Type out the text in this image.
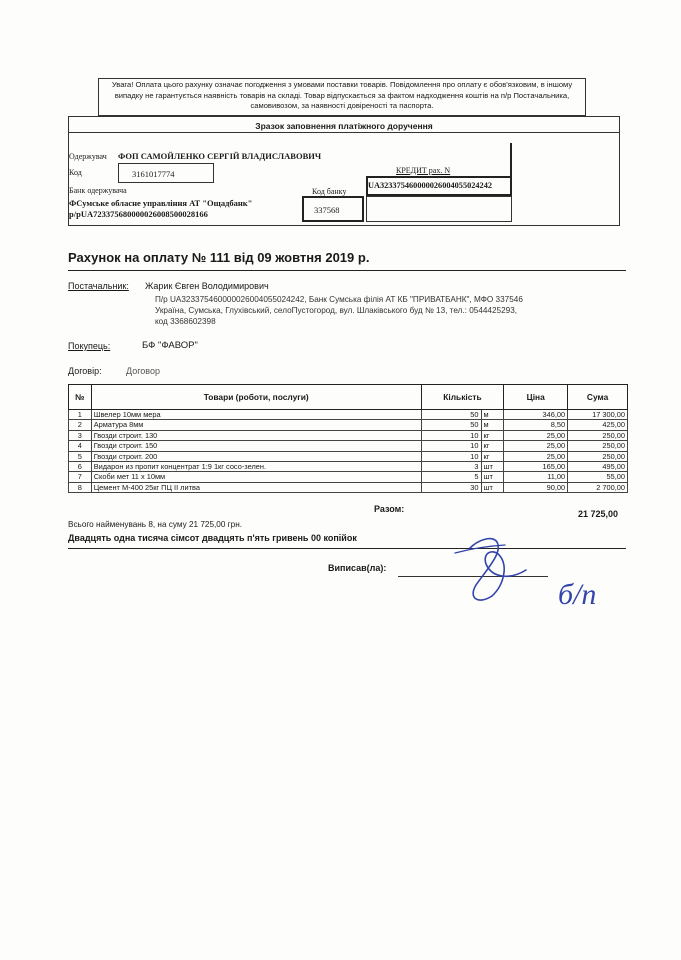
Увага! Оплата цього рахунку означає погодження з умовами поставки товарів. Повідомлення про оплату є обов'язковим, в іншому випадку не гарантується наявність товарів на складі. Товар відпускається за фактом надходження коштів на п/р Постачальника, самовивозом, за наявності довіреності та паспорта.
Зразок заповнення платіжного доручення
Одержувач ФОП САМОЙЛЕНКО СЕРГІЙ ВЛАДИСЛАВОВИЧ
Код	3161017774	КРЕДИТ рах. N
UA323375460000026004055024242
Банк одержувача	Код банку
ФСумське обласне управління АТ "Ощадбанк"
р/рUA723375680000026008500028166	337568
Рахунок на оплату № 111 від 09 жовтня 2019 р.
Постачальник: Жарик Євген Володимирович
П/р UA323375460000026004055024242, Банк Сумська філія АТ КБ "ПРИВАТБАНК", МФО 337546
Україна, Сумська, Глухівський, селоПустогород, вул. Шлаківського буд № 13, тел.: 0544425293,
код 3368602398
Покупець:	БФ "ФАВОР"
Договір:	Договор
№	Товари (роботи, послуги)	Кількість		Ціна	Сума
1	Швелер 10мм мера	50	м	346,00	17 300,00
2	Арматура 8мм	50	м	8,50	425,00
3	Гвозди строит. 130	10	кг	25,00	250,00
4	Гвозди строит. 150	10	кг	25,00	250,00
5	Гвозди строит. 200	10	кг	25,00	250,00
6	Видарон из пропит концентрат 1:9 1кг сосо-зелен.	3	шт	165,00	495,00
7	Скоби мет 11 х 10мм	5	шт	11,00	55,00
8	Цемент М-400 25кг ПЦ II литва	30	шт	90,00	2 700,00
Разом:	21 725,00
Всього найменувань 8, на суму 21 725,00 грн.
Двадцять одна тисяча сімсот двадцять п'ять гривень 00 копійок
Виписав(ла):
б/п
